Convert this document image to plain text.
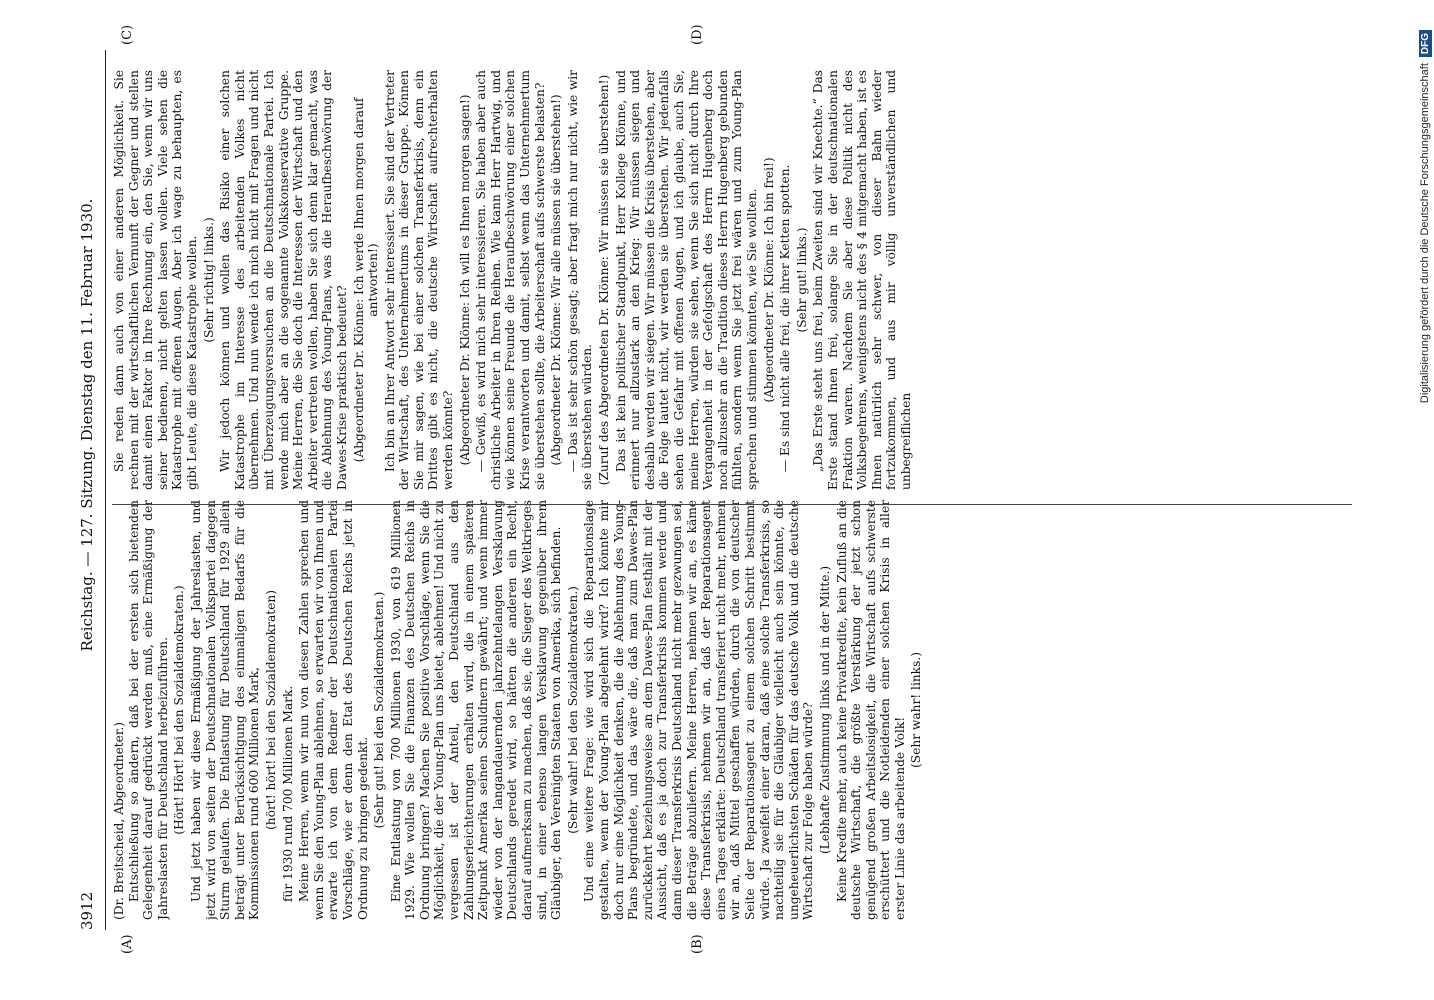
3912
Reichstag. — 127. Sitzung. Dienstag den 11. Februar 1930.
(A)	(B)
(C)	(D)

(Dr. Breitscheid, Abgeordneter.) Entschließung so ändern, daß bei der ersten sich bietenden Gelegenheit darauf gedrückt werden muß, eine Ermäßigung der Jahreslasten für Deutschland herbeizuführen. (Hört! Hört! bei den Sozialdemokraten.) Und jetzt haben wir diese Ermäßigung der Jahreslasten, und jetzt wird von seiten der Deutschnationalen Volkspartei dagegen Sturm gelaufen. Die Entlastung für Deutschland für 1929 allein beträgt unter Berücksichtigung des einmaligen Bedarfs für die Kommissionen rund 600 Millionen Mark, (hört! hört! bei den Sozialdemokraten) für 1930 rund 700 Millionen Mark. Meine Herren, wenn wir nun von diesen Zahlen sprechen und wenn Sie den Young-Plan ablehnen, so erwarten wir von Ihnen und erwarte ich von dem Redner der Deutschnationalen Partei Vorschläge, wie er denn den Etat des Deutschen Reichs jetzt in Ordnung zu bringen gedenkt. (Sehr gut! bei den Sozialdemokraten.) Eine Entlastung von 700 Millionen 1930, von 619 Millionen 1929. Wie wollen Sie die Finanzen des Deutschen Reichs in Ordnung bringen? Machen Sie positive Vorschläge, wenn Sie die Möglichkeit, die der Young-Plan uns bietet, ablehnen! Und nicht zu vergessen ist der Anteil, den Deutschland aus den Zahlungserleichterungen erhalten wird, die in einem späteren Zeitpunkt Amerika seinen Schuldnern gewährt; und wenn immer wieder von der langandauernden jahrzehntelangen Versklavung Deutschlands geredet wird, so hätten die anderen ein Recht, darauf aufmerksam zu machen, daß sie, die Sieger des Weltkrieges sind, in einer ebenso langen Versklavung gegenüber ihrem Gläubiger, den Vereinigten Staaten von Amerika, sich befinden. (Sehr wahr! bei den Sozialdemokraten.) Und eine weitere Frage: wie wird sich die Reparationslage gestalten, wenn der Young-Plan abgelehnt wird? Ich könnte mir doch nur eine Möglichkeit denken, die die Ablehnung des Young-Plans begründete, und das wäre die, daß man zum Dawes-Plan zurückkehrt beziehungsweise an dem Dawes-Plan festhält mit der Aussicht, daß es ja doch zur Transferkrisis kommen werde und dann dieser Transferkrisis Deutschland nicht mehr gezwungen sei, die Beträge abzuliefern. Meine Herren, nehmen wir an, es käme diese Transferkrisis, nehmen wir an, daß der Reparationsagent eines Tages erklärte: Deutschland transferiert nicht mehr, nehmen wir an, daß Mittel geschaffen würden, durch die von deutscher Seite der Reparationsagent zu einem solchen Schritt bestimmt würde. Ja zweifelt einer daran, daß eine solche Transferkrisis, so nachteilig sie für die Gläubiger vielleicht auch sein könnte, die ungeheuerlichsten Schäden für das deutsche Volk und die deutsche Wirtschaft zur Folge haben würde? (Lebhafte Zustimmung links und in der Mitte.) Keine Kredite mehr, auch keine Privatkredite, kein Zufluß an die deutsche Wirtschaft, die größte Verstärkung der jetzt schon genügend großen Arbeitslosigkeit, die Wirtschaft aufs schwerste erschüttert und die Notleidenden einer solchen Krisis in aller erster Linie das arbeitende Volk!

(Sehr wahr! links.)

Sie reden dann auch von einer anderen Möglichkeit. Sie rechnen mit der wirtschaftlichen Vernunft der Gegner und stellen damit einen Faktor in Ihre Rechnung ein, den Sie, wenn wir uns seiner bedienen, nicht gelten lassen wollen. Viele sehen die Katastrophe mit offenen Augen. Aber ich wage zu behaupten, es gibt Leute, die diese Katastrophe wollen. (Sehr richtig! links.) Wir jedoch können und wollen das Risiko einer solchen Katastrophe im Interesse des arbeitenden Volkes nicht übernehmen. Und nun wende ich mich nicht mit Fragen und nicht mit Überzeugungsversuchen an die Deutschnationale Partei. Ich wende mich aber an die sogenannte Volkskonservative Gruppe. Meine Herren, die Sie doch die Interessen der Wirtschaft und den Arbeiter vertreten wollen, haben Sie sich denn klar gemacht, was die Ablehnung des Young-Plans, was die Heraufbeschwörung der Dawes-Krise praktisch bedeutet? (Abgeordneter Dr. Klönne: Ich werde Ihnen morgen darauf antworten!) Ich bin an Ihrer Antwort sehr interessiert. Sie sind der Vertreter der Wirtschaft, des Unternehmertums in dieser Gruppe. Können Sie mir sagen, wie bei einer solchen Transferkrisis, denn ein Drittes gibt es nicht, die deutsche Wirtschaft aufrechterhalten werden könnte? (Abgeordneter Dr. Klönne: Ich will es Ihnen morgen sagen!) — Gewiß, es wird mich sehr interessieren. Sie haben aber auch christliche Arbeiter in Ihren Reihen. Wie kann Herr Hartwig, und wie können seine Freunde die Heraufbeschwörung einer solchen Krise verantworten und damit, selbst wenn das Unternehmertum sie überstehen sollte, die Arbeiterschaft aufs schwerste belasten? (Abgeordneter Dr. Klönne: Wir alle müssen sie überstehen!) — Das ist sehr schön gesagt; aber fragt mich nur nicht, wie wir sie überstehen würden. (Zuruf des Abgeordneten Dr. Klönne: Wir müssen sie überstehen!) Das ist kein politischer Standpunkt, Herr Kollege Klönne, und erinnert nur allzustark an den Krieg: Wir müssen siegen und deshalb werden wir siegen. Wir müssen die Krisis überstehen, aber die Folge lautet nicht, wir werden sie überstehen. Wir jedenfalls sehen die Gefahr mit offenen Augen, und ich glaube, auch Sie, meine Herren, würden sie sehen, wenn Sie sich nicht durch Ihre Vergangenheit in der Gefolgschaft des Herrn Hugenberg doch noch allzusehr an die Tradition dieses Herrn Hugenberg gebunden fühlten, sondern wenn Sie jetzt frei wären und zum Young-Plan sprechen und stimmen könnten, wie Sie wollten. (Abgeordneter Dr. Klönne: Ich bin frei!) — Es sind nicht alle frei, die ihrer Ketten spotten. (Sehr gut! links.) „Das Erste steht uns frei, beim Zweiten sind wir Knechte.“ Das Erste stand Ihnen frei, solange Sie in der deutschnationalen Fraktion waren. Nachdem Sie aber diese Politik nicht des Volksbegehrens, wenigstens nicht des § 4 mitgemacht haben, ist es Ihnen natürlich sehr schwer, von dieser Bahn wieder fortzukommen, und aus mir völlig unverständlichen und unbegreiflichen

Digitalisierung gefördert durch die Deutsche Forschungsgemeinschaft
DFG
